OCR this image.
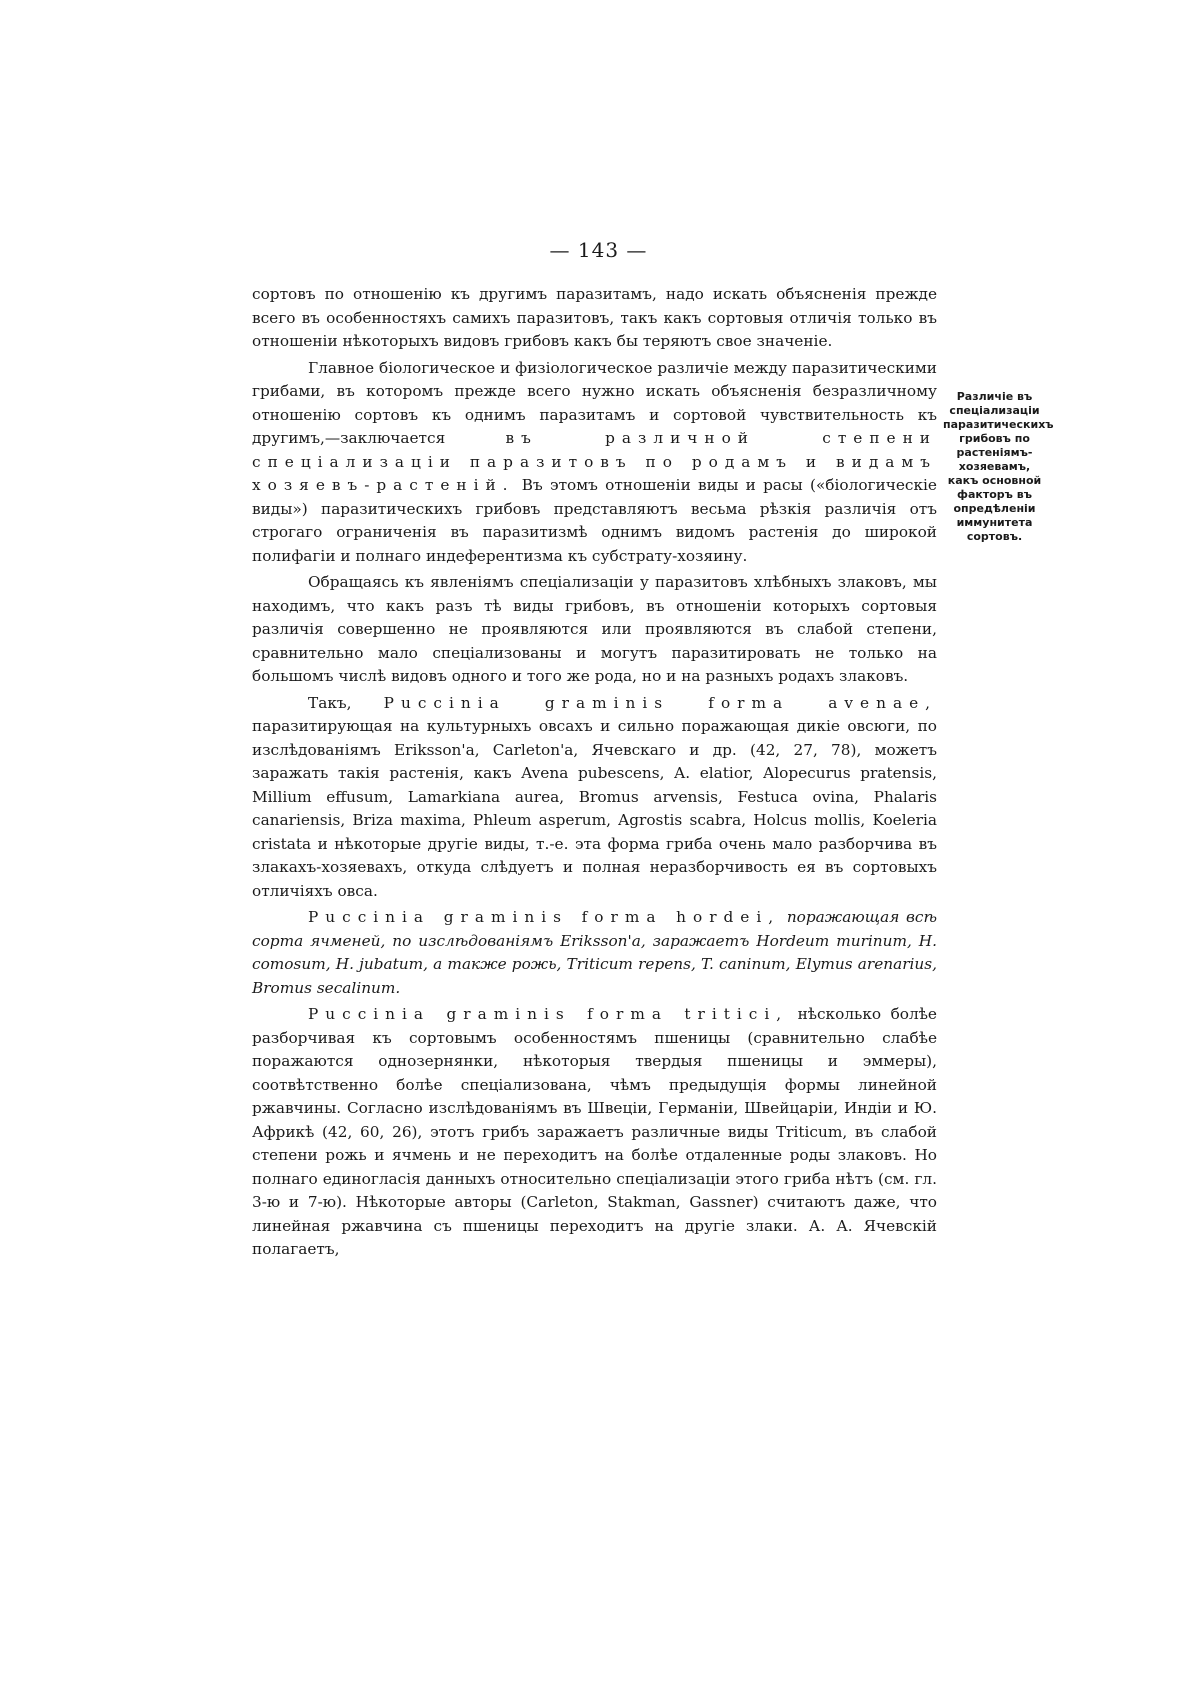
— 143 —
Различіе въ спеціализаціи паразитическихъ грибовъ по растеніямъ-хозяевамъ, какъ основной факторъ въ опредѣленіи иммунитета сортовъ.

сортовъ по отношенію къ другимъ паразитамъ, надо искать объясненія прежде всего въ особенностяхъ самихъ паразитовъ, такъ какъ сортовыя отличія только въ отношеніи нѣкоторыхъ видовъ грибовъ какъ бы теряютъ свое значеніе.

Главное біологическое и физіологическое различіе между паразитическими грибами, въ которомъ прежде всего нужно искать объясненія безразличному отношенію сортовъ къ однимъ паразитамъ и сортовой чувствительность къ другимъ,—заключается	въ различной степени спеціализаціи паразитовъ по родамъ и видамъ хозяевъ-растеній. Въ этомъ отношеніи виды и расы («біологическіе виды») паразитическихъ грибовъ представляютъ весьма рѣзкія различія отъ строгаго ограниченія въ паразитизмѣ однимъ видомъ растенія до широкой полифагіи и полнаго индеферентизма къ субстрату-хозяину.

Обращаясь къ явленіямъ спеціализаціи у паразитовъ хлѣбныхъ злаковъ, мы находимъ, что какъ разъ тѣ виды грибовъ, въ отношеніи которыхъ сортовыя различія совершенно не проявляются или проявляются въ слабой степени, сравнительно мало спеціализованы и могутъ паразитировать не только на большомъ числѣ видовъ одного и того же рода, но и на разныхъ родахъ злаковъ.

Такъ, Puccinia graminis forma avenae, паразитирующая на культурныхъ овсахъ и сильно поражающая дикіе овсюги, по изслѣдованіямъ Eriksson'а, Carleton'а, Ячевскаго и др. (42, 27, 78), можетъ заражать такія растенія, какъ Avena pubescens, A. elatior, Alopecurus pratensis, Millium effusum, Lamarkiana aurea, Bromus arvensis, Festuca ovina, Phalaris canariensis, Briza maxima, Phleum asperum, Agrostis scabra, Holcus mollis, Koeleria cristata и нѣкоторые другіе виды, т.-е. эта форма гриба очень мало разборчива въ злакахъ-хозяевахъ, откуда слѣдуетъ и полная неразборчивость ея въ сортовыхъ отличіяхъ овса.

Puccinia graminis forma hordei, поражающая всѣ сорта ячменей, по изслѣдованіямъ Eriksson'а, заражаетъ Hordeum murinum, H. comosum, H. jubatum, а также рожь, Triticum repens, T. caninum, Elymus arenarius, Bromus secalinum.

Puccinia graminis forma tritici, нѣсколько болѣе разборчивая къ сортовымъ особенностямъ пшеницы (сравнительно слабѣе поражаются однозернянки, нѣкоторыя твердыя пшеницы и эммеры), соотвѣтственно болѣе спеціализована, чѣмъ предыдущія формы линейной ржавчины. Согласно изслѣдованіямъ въ Швеціи, Германіи, Швейцаріи, Индіи и Ю. Африкѣ (42, 60, 26), этотъ грибъ заражаетъ различные виды Triticum, въ слабой степени рожь и ячмень и не переходитъ на болѣе отдаленные роды злаковъ. Но полнаго единогласія данныхъ относительно спеціализаціи этого гриба нѣтъ (см. гл. 3-ю и 7-ю). Нѣкоторые авторы (Carleton, Stakman, Gassner) считаютъ даже, что линейная ржавчина съ пшеницы переходитъ на другіе злаки. А. А. Ячевскій полагаетъ,
